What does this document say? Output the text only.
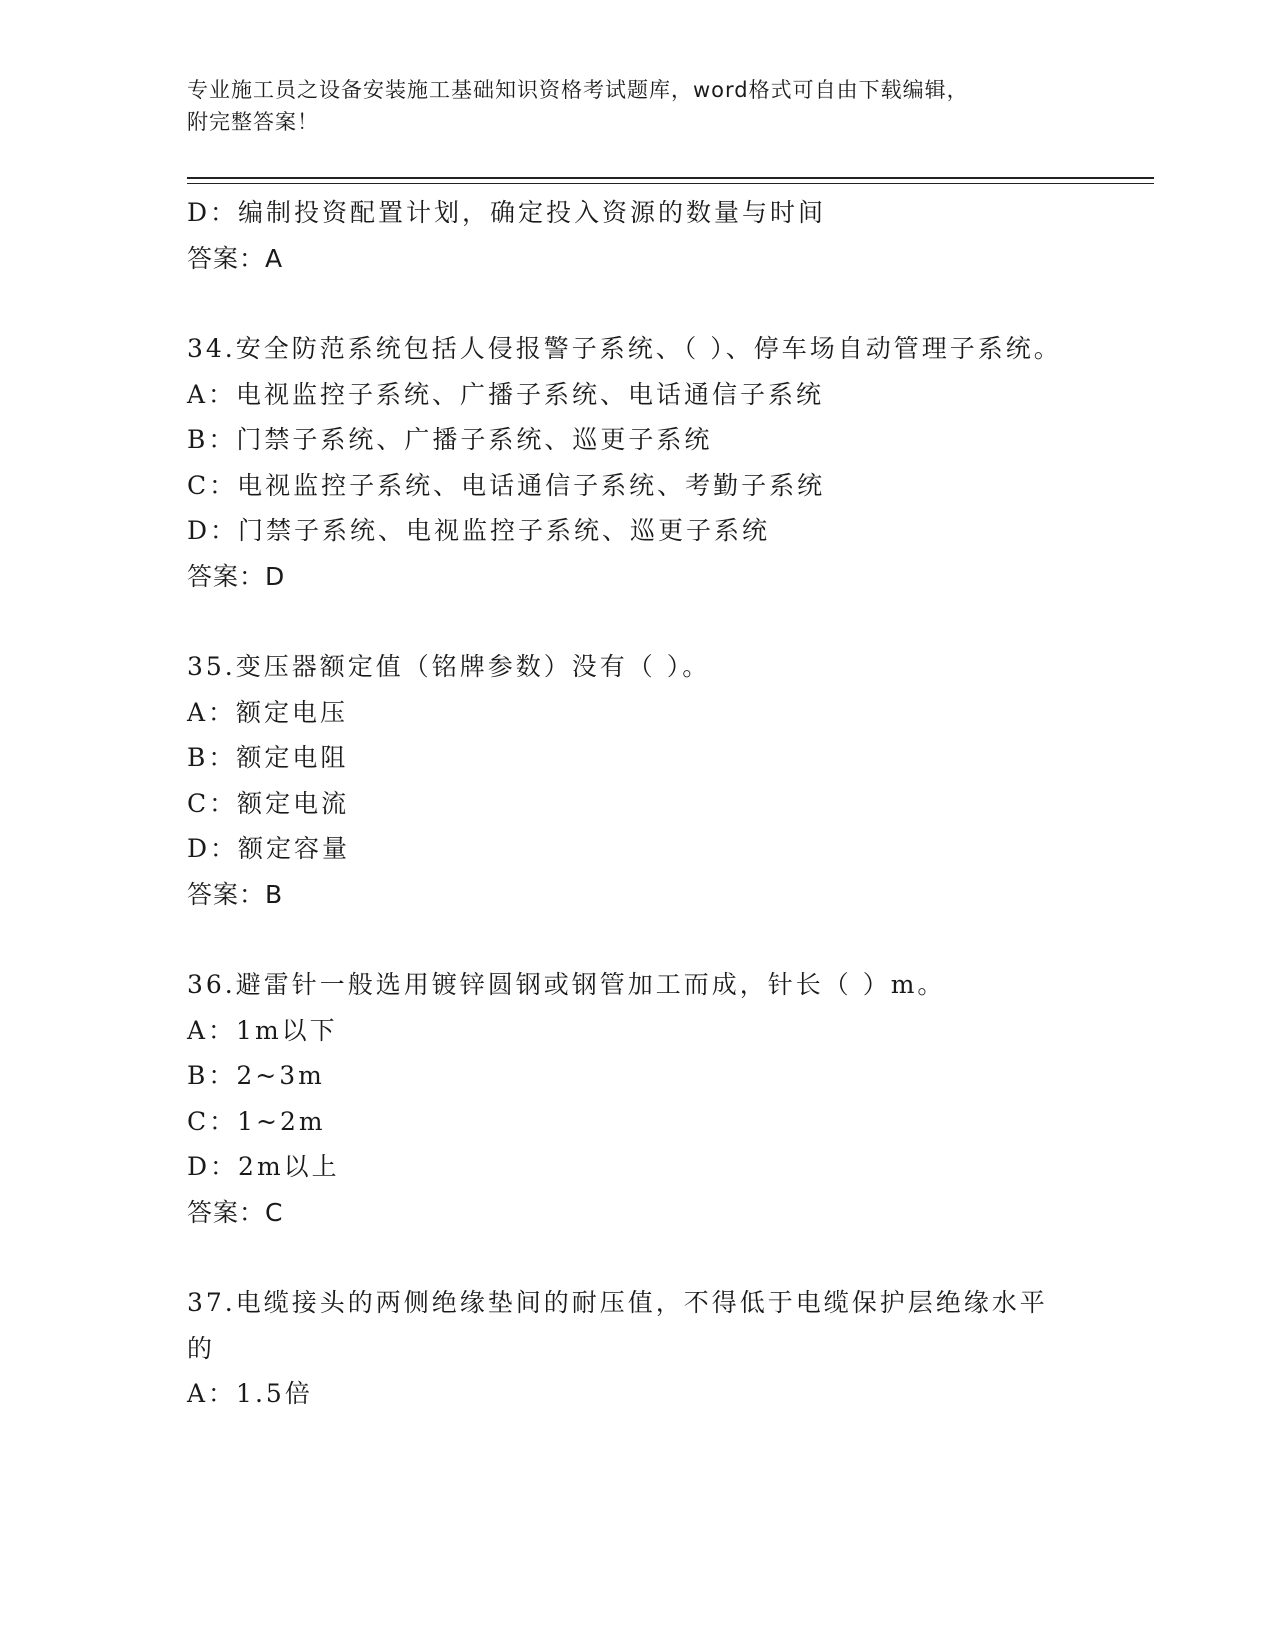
专业施工员之设备安装施工基础知识资格考试题库，word格式可自由下载编辑，
附完整答案！
D：编制投资配置计划，确定投入资源的数量与时间
答案：A
34.安全防范系统包括人侵报警子系统、（ ）、停车场自动管理子系统。
A：电视监控子系统、广播子系统、电话通信子系统
B：门禁子系统、广播子系统、巡更子系统
C：电视监控子系统、电话通信子系统、考勤子系统
D：门禁子系统、电视监控子系统、巡更子系统
答案：D
35.变压器额定值（铭牌参数）没有（ ）。
A：额定电压
B：额定电阻
C：额定电流
D：额定容量
答案：B
36.避雷针一般选用镀锌圆钢或钢管加工而成，针长（ ）m。
A：1m以下
B：2~3m
C：1~2m
D：2m以上
答案：C
37.电缆接头的两侧绝缘垫间的耐压值，不得低于电缆保护层绝缘水平的
A：1.5倍
